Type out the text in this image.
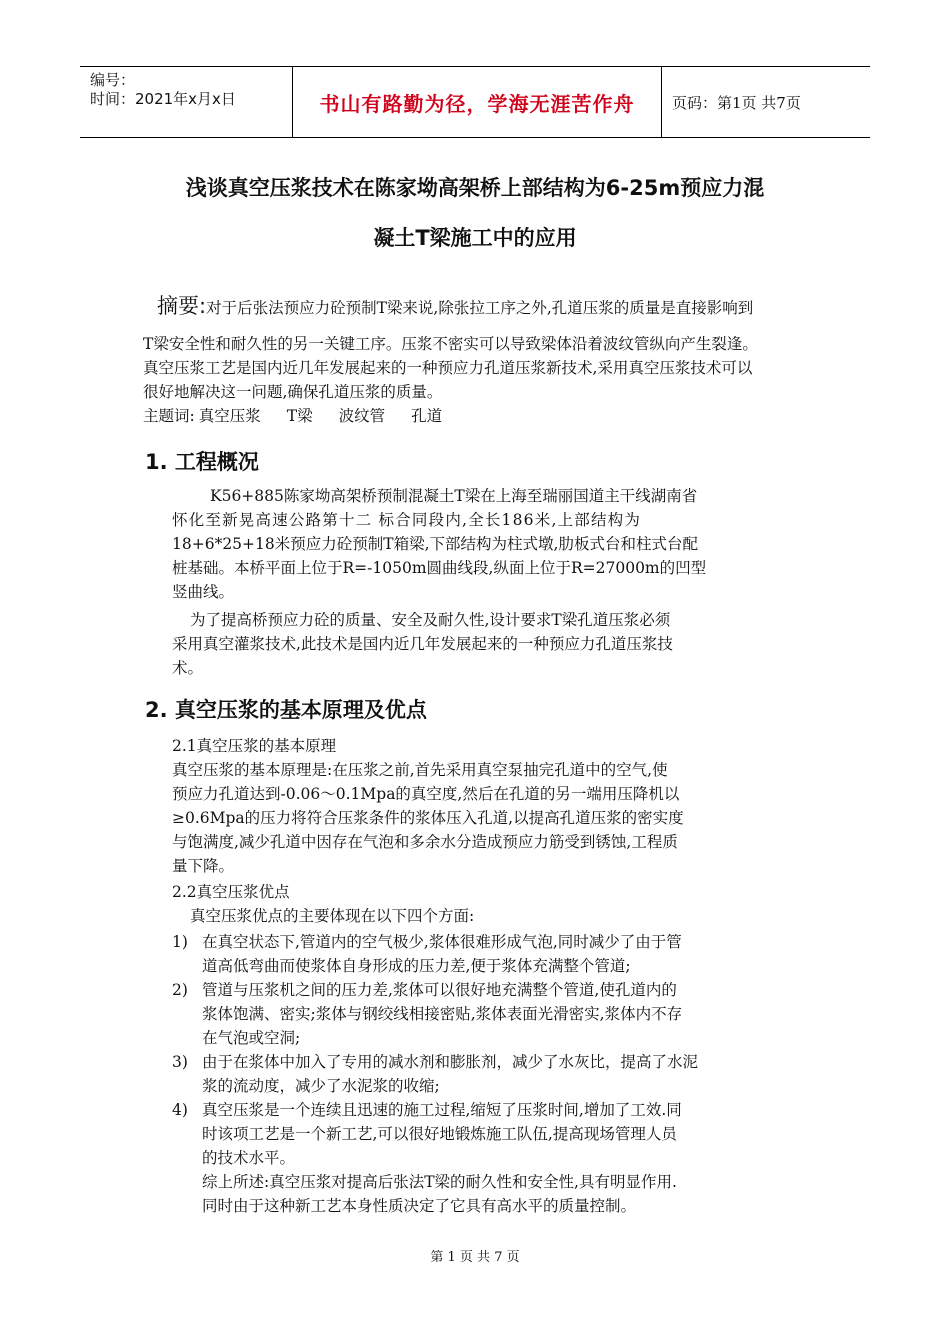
编号：
时间：2021年x月x日	书山有路勤为径，学海无涯苦作舟	页码：第1页 共7页
浅谈真空压浆技术在陈家坳高架桥上部结构为6-25m预应力混
凝土T梁施工中的应用
摘要:对于后张法预应力砼预制T梁来说,除张拉工序之外,孔道压浆的质量是直接影响到
T梁安全性和耐久性的另一关键工序。压浆不密实可以导致梁体沿着波纹管纵向产生裂逢。
真空压浆工艺是国内近几年发展起来的一种预应力孔道压浆新技术,采用真空压浆技术可以
很好地解决这一问题,确保孔道压浆的质量。
主题词: 真空压浆 T梁 波纹管 孔道
1. 工程概况
K56+885陈家坳高架桥预制混凝土T梁在上海至瑞丽国道主干线湖南省
怀化至新晃高速公路第十二 标合同段内,全长186米,上部结构为
18+6*25+18米预应力砼预制T箱梁,下部结构为柱式墩,肋板式台和柱式台配
桩基础。本桥平面上位于R=-1050m圆曲线段,纵面上位于R=27000m的凹型
竖曲线。
为了提高桥预应力砼的质量、安全及耐久性,设计要求T梁孔道压浆必须
采用真空灌浆技术,此技术是国内近几年发展起来的一种预应力孔道压浆技
术。
2. 真空压浆的基本原理及优点
2.1真空压浆的基本原理
真空压浆的基本原理是:在压浆之前,首先采用真空泵抽完孔道中的空气,使
预应力孔道达到-0.06～0.1Mpa的真空度,然后在孔道的另一端用压降机以
≥0.6Mpa的压力将符合压浆条件的浆体压入孔道,以提高孔道压浆的密实度
与饱满度,减少孔道中因存在气泡和多余水分造成预应力筋受到锈蚀,工程质
量下降。
2.2真空压浆优点
真空压浆优点的主要体现在以下四个方面:
1) 在真空状态下,管道内的空气极少,浆体很难形成气泡,同时减少了由于管
道高低弯曲而使浆体自身形成的压力差,便于浆体充满整个管道;
2) 管道与压浆机之间的压力差,浆体可以很好地充满整个管道,使孔道内的
浆体饱满、密实;浆体与钢绞线相接密贴,浆体表面光滑密实,浆体内不存
在气泡或空洞;
3) 由于在浆体中加入了专用的减水剂和膨胀剂，减少了水灰比，提高了水泥
浆的流动度，减少了水泥浆的收缩;
4) 真空压浆是一个连续且迅速的施工过程,缩短了压浆时间,增加了工效.同
时该项工艺是一个新工艺,可以很好地锻炼施工队伍,提高现场管理人员
的技术水平。
综上所述:真空压浆对提高后张法T梁的耐久性和安全性,具有明显作用.
同时由于这种新工艺本身性质决定了它具有高水平的质量控制。
第 1 页 共 7 页
